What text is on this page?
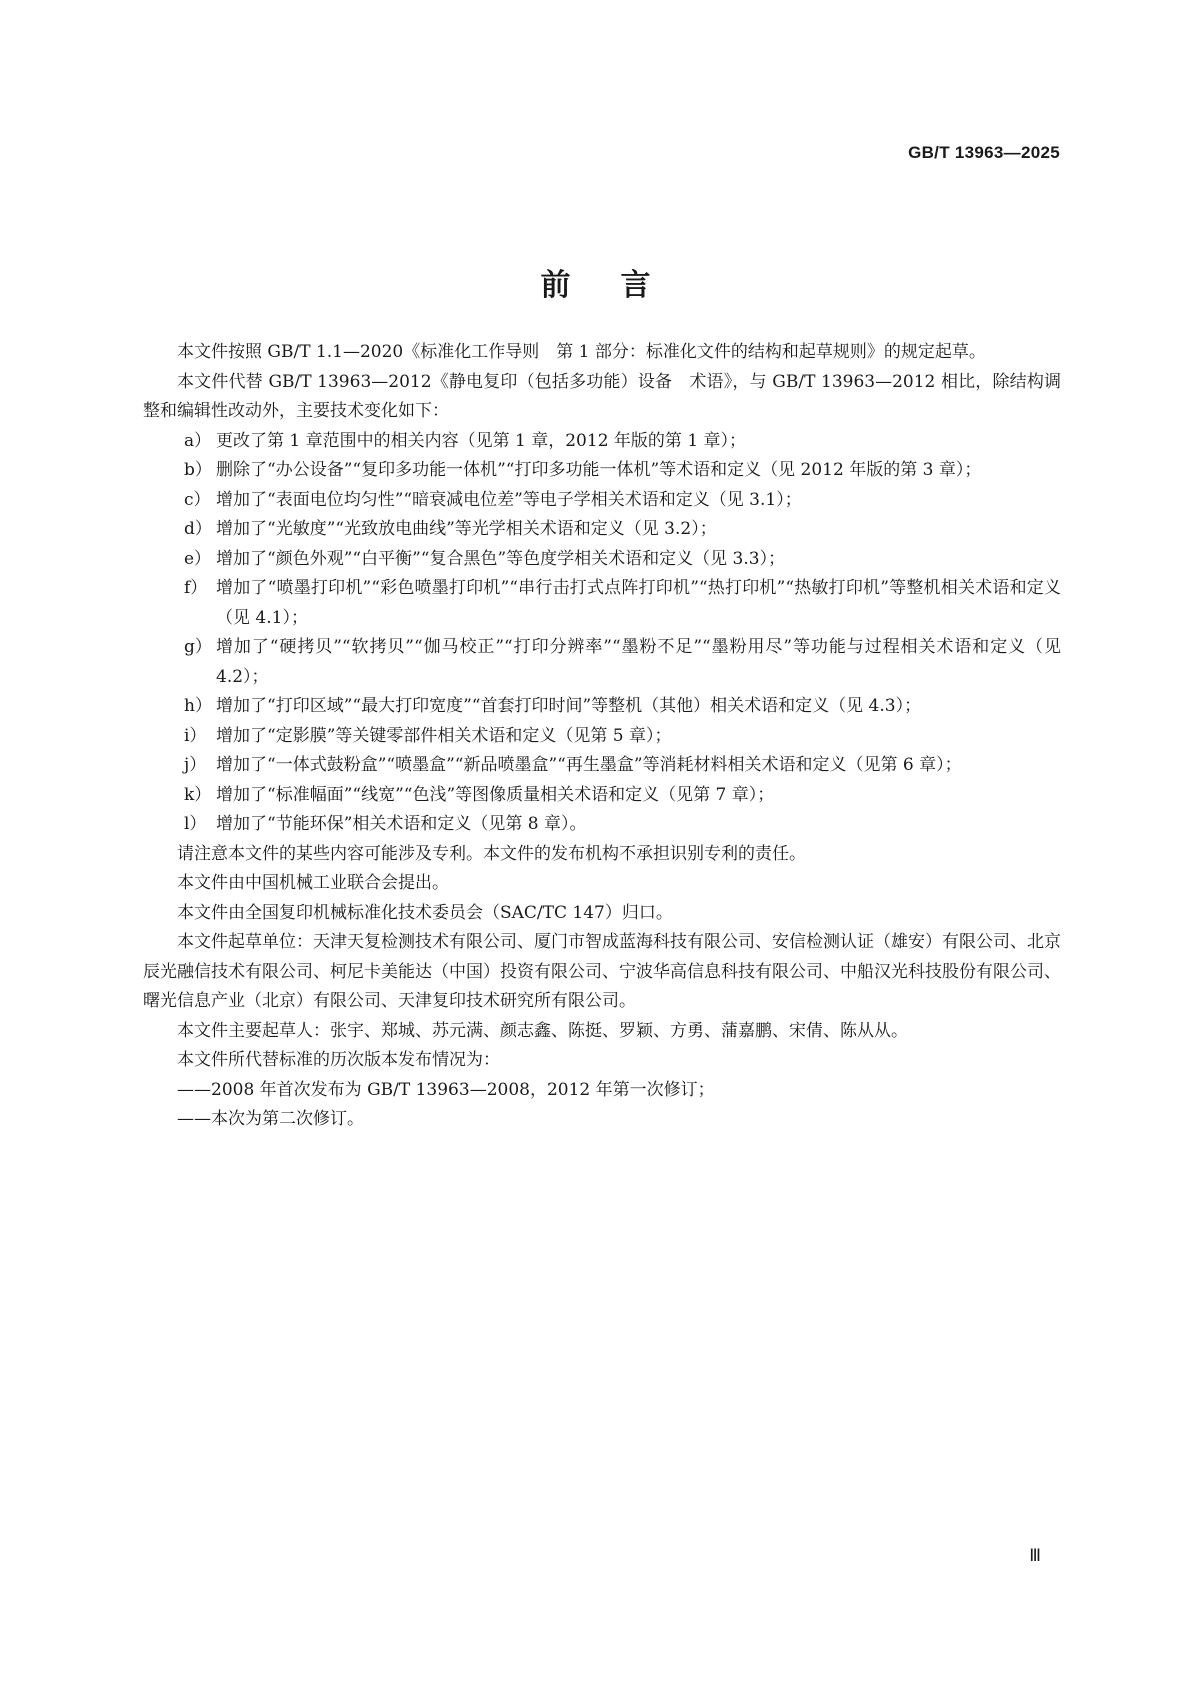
GB/T 13963—2025
前言

本文件按照 GB/T 1.1—2020《标准化工作导则　第 1 部分：标准化文件的结构和起草规则》的规定起草。

本文件代替 GB/T 13963—2012《静电复印（包括多功能）设备　术语》，与 GB/T 13963—2012 相比，除结构调整和编辑性改动外，主要技术变化如下：

a） 更改了第 1 章范围中的相关内容（见第 1 章，2012 年版的第 1 章）；

b） 删除了“办公设备”“复印多功能一体机”“打印多功能一体机”等术语和定义（见 2012 年版的第 3 章）；

c） 增加了“表面电位均匀性”“暗衰减电位差”等电子学相关术语和定义（见 3.1）；

d） 增加了“光敏度”“光致放电曲线”等光学相关术语和定义（见 3.2）；

e） 增加了“颜色外观”“白平衡”“复合黑色”等色度学相关术语和定义（见 3.3）；

f） 增加了“喷墨打印机”“彩色喷墨打印机”“串行击打式点阵打印机”“热打印机”“热敏打印机”等整机相关术语和定义（见 4.1）；

g） 增加了“硬拷贝”“软拷贝”“伽马校正”“打印分辨率”“墨粉不足”“墨粉用尽”等功能与过程相关术语和定义（见 4.2）；

h） 增加了“打印区域”“最大打印宽度”“首套打印时间”等整机（其他）相关术语和定义（见 4.3）；

i） 增加了“定影膜”等关键零部件相关术语和定义（见第 5 章）；

j） 增加了“一体式鼓粉盒”“喷墨盒”“新品喷墨盒”“再生墨盒”等消耗材料相关术语和定义（见第 6 章）；

k） 增加了“标准幅面”“线宽”“色浅”等图像质量相关术语和定义（见第 7 章）；

l） 增加了“节能环保”相关术语和定义（见第 8 章）。

请注意本文件的某些内容可能涉及专利。本文件的发布机构不承担识别专利的责任。

本文件由中国机械工业联合会提出。

本文件由全国复印机械标准化技术委员会（SAC/TC 147）归口。

本文件起草单位：天津天复检测技术有限公司、厦门市智成蓝海科技有限公司、安信检测认证（雄安）有限公司、北京辰光融信技术有限公司、柯尼卡美能达（中国）投资有限公司、宁波华高信息科技有限公司、中船汉光科技股份有限公司、曙光信息产业（北京）有限公司、天津复印技术研究所有限公司。

本文件主要起草人：张宇、郑城、苏元满、颜志鑫、陈挺、罗颖、方勇、蒲嘉鹏、宋倩、陈从从。

本文件所代替标准的历次版本发布情况为：

——2008 年首次发布为 GB/T 13963—2008，2012 年第一次修订；

——本次为第二次修订。

Ⅲ
